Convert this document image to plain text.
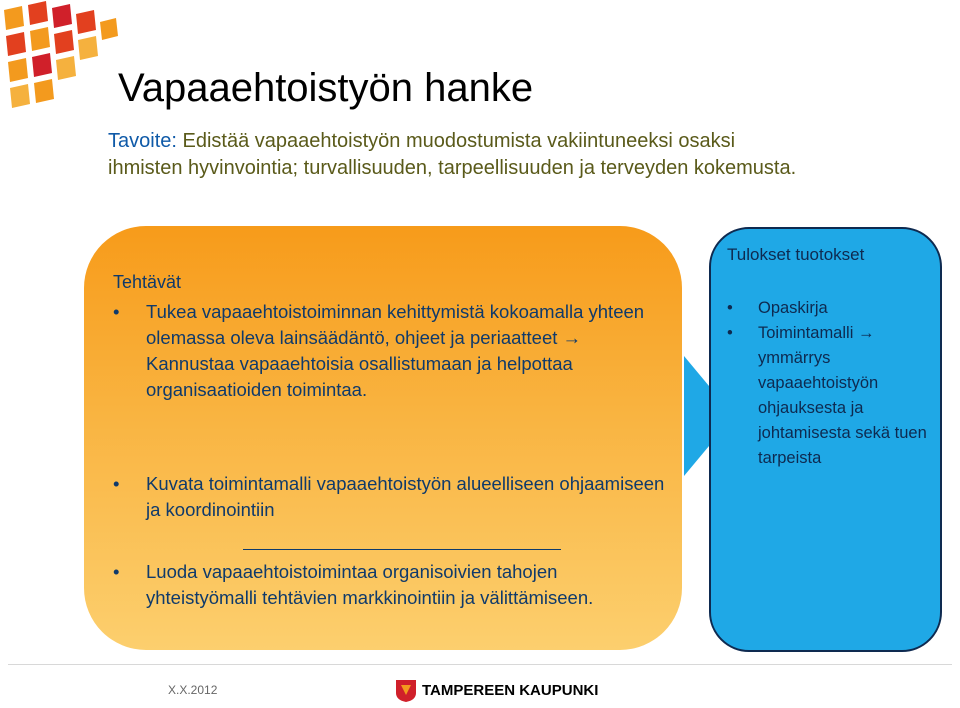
Vapaaehtoistyön hanke
Tavoite: Edistää vapaaehtoistyön muodostumista vakiintuneeksi osaksi ihmisten hyvinvointia; turvallisuuden, tarpeellisuuden ja terveyden kokemusta.
Tehtävät
•	Tukea vapaaehtoistoiminnan kehittymistä kokoamalla yhteen olemassa oleva lainsäädäntö, ohjeet ja periaatteet → Kannustaa vapaaehtoisia osallistumaan ja helpottaa organisaatioiden toimintaa.
•	Kuvata toimintamalli vapaaehtoistyön alueelliseen ohjaamiseen ja koordinointiin
•	Luoda vapaaehtoistoimintaa organisoivien tahojen yhteistyömalli tehtävien markkinointiin ja välittämiseen.
Tulokset tuotokset
• Opaskirja
• Toimintamalli → ymmärrys vapaaehtoistyön ohjauksesta ja johtamisesta sekä tuen tarpeista
X.X.2012	TAMPEREEN KAUPUNKI
